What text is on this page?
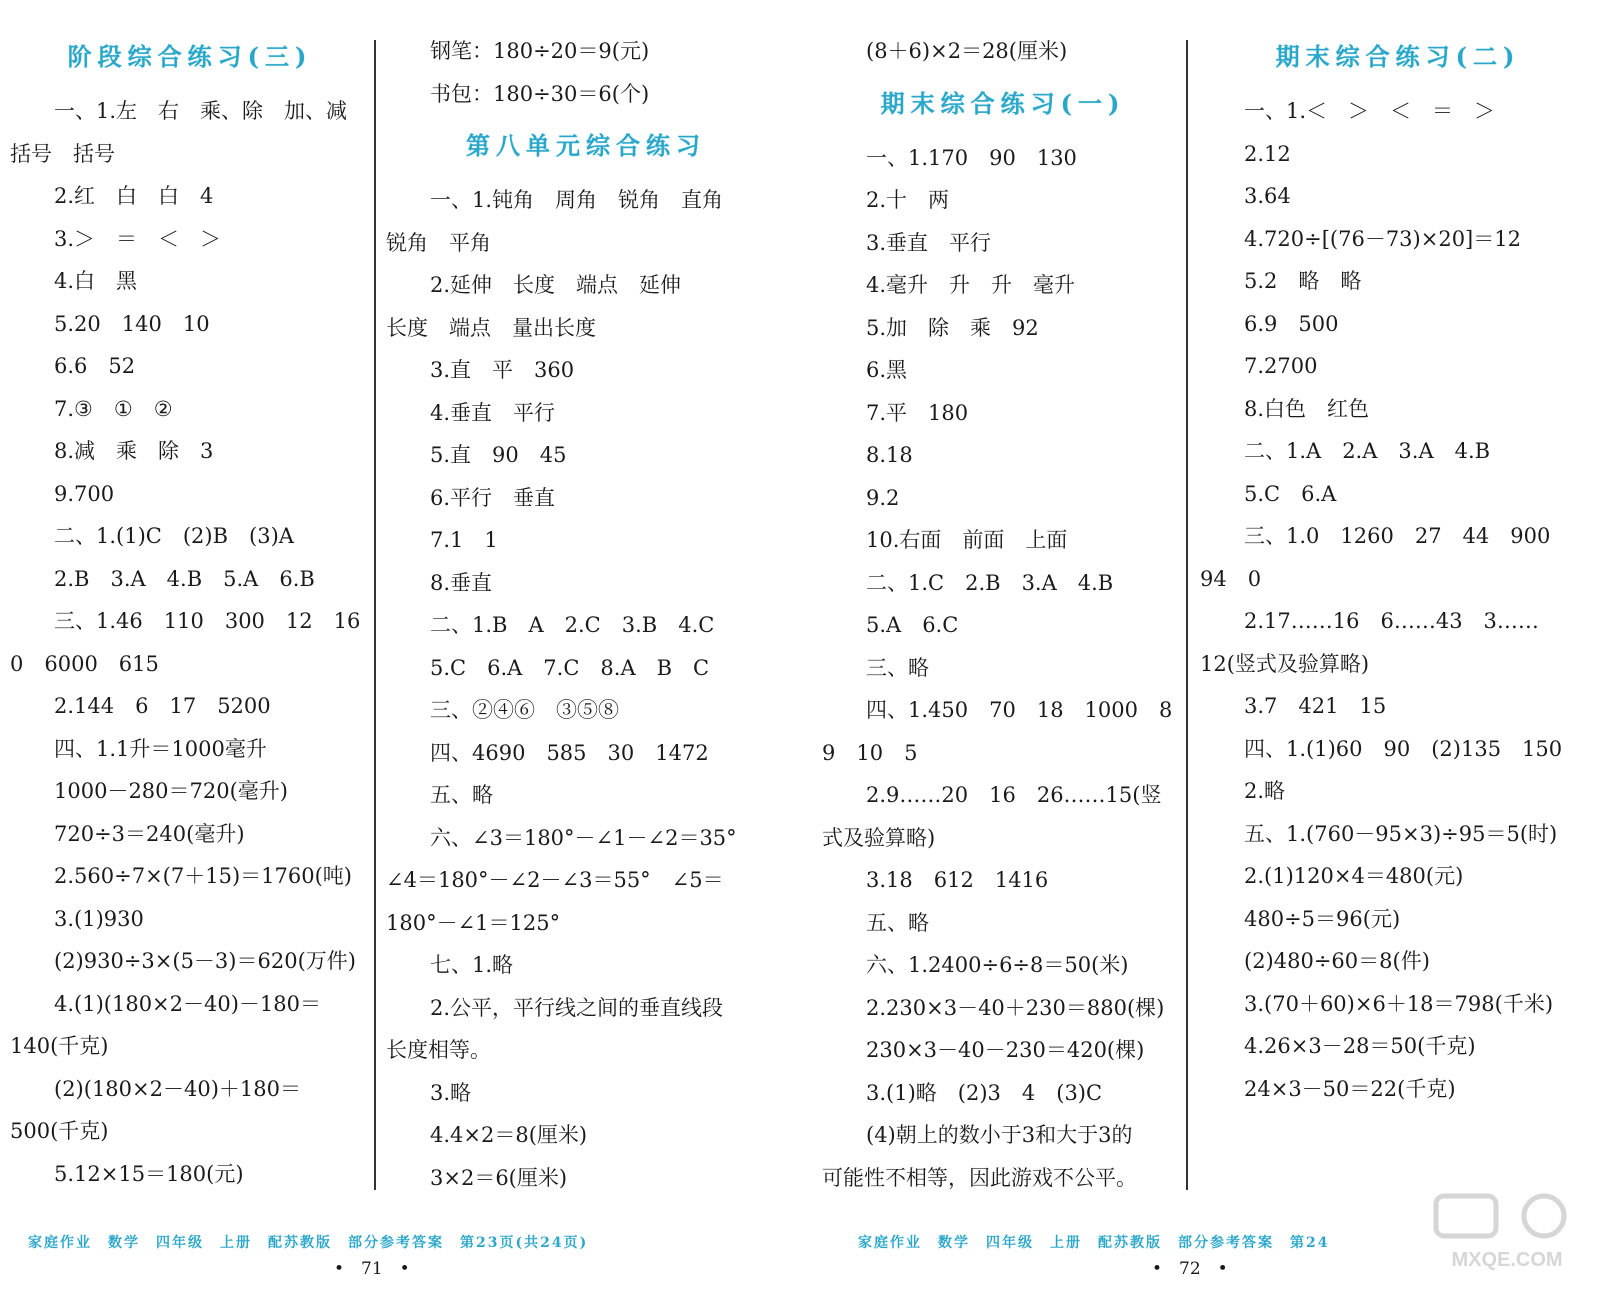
阶段综合练习(三)
一、1.左　右　乘、除　加、减
括号　括号
2.红　白　白　4
3.＞　＝　＜　＞
4.白　黑
5.20　140　10
6.6　52
7.③　①　②
8.减　乘　除　3
9.700
二、1.(1)C　(2)B　(3)A
2.B　3.A　4.B　5.A　6.B
三、1.46　110　300　12　16
0　6000　615
2.144　6　17　5200
四、1.1升＝1000毫升
1000－280＝720(毫升)
720÷3＝240(毫升)
2.560÷7×(7＋15)＝1760(吨)
3.(1)930
(2)930÷3×(5－3)＝620(万件)
4.(1)(180×2－40)－180＝
140(千克)
(2)(180×2－40)＋180＝
500(千克)
5.12×15＝180(元)
钢笔：180÷20＝9(元)
书包：180÷30＝6(个)
第八单元综合练习
一、1.钝角　周角　锐角　直角
锐角　平角
2.延伸　长度　端点　延伸
长度　端点　量出长度
3.直　平　360
4.垂直　平行
5.直　90　45
6.平行　垂直
7.1　1
8.垂直
二、1.B　A　2.C　3.B　4.C
5.C　6.A　7.C　8.A　B　C
三、②④⑥　③⑤⑧
四、4690　585　30　1472
五、略
六、∠3＝180°－∠1－∠2＝35°
∠4＝180°－∠2－∠3＝55°　∠5＝
180°－∠1＝125°
七、1.略
2.公平，平行线之间的垂直线段
长度相等。
3.略
4.4×2＝8(厘米)
3×2＝6(厘米)
家庭作业　数学　四年级　上册　配苏教版　部分参考答案　第23页(共24页)
•　71　•
(8＋6)×2＝28(厘米)
期末综合练习(一)
一、1.170　90　130
2.十　两
3.垂直　平行
4.毫升　升　升　毫升
5.加　除　乘　92
6.黑
7.平　180
8.18
9.2
10.右面　前面　上面
二、1.C　2.B　3.A　4.B
5.A　6.C
三、略
四、1.450　70　18　1000　8
9　10　5
2.9……20　16　26……15(竖
式及验算略)
3.18　612　1416
五、略
六、1.2400÷6÷8＝50(米)
2.230×3－40＋230＝880(棵)
230×3－40－230＝420(棵)
3.(1)略　(2)3　4　(3)C
(4)朝上的数小于3和大于3的
可能性不相等，因此游戏不公平。
期末综合练习(二)
一、1.＜　＞　＜　＝　＞
2.12
3.64
4.720÷[(76－73)×20]＝12
5.2　略　略
6.9　500
7.2700
8.白色　红色
二、1.A　2.A　3.A　4.B
5.C　6.A
三、1.0　1260　27　44　900
94　0
2.17……16　6……43　3……
12(竖式及验算略)
3.7　421　15
四、1.(1)60　90　(2)135　150
2.略
五、1.(760－95×3)÷95＝5(时)
2.(1)120×4＝480(元)
480÷5＝96(元)
(2)480÷60＝8(件)
3.(70＋60)×6＋18＝798(千米)
4.26×3－28＝50(千克)
24×3－50＝22(千克)
家庭作业　数学　四年级　上册　配苏教版　部分参考答案　第24
•　72　•	MXQE.COM
